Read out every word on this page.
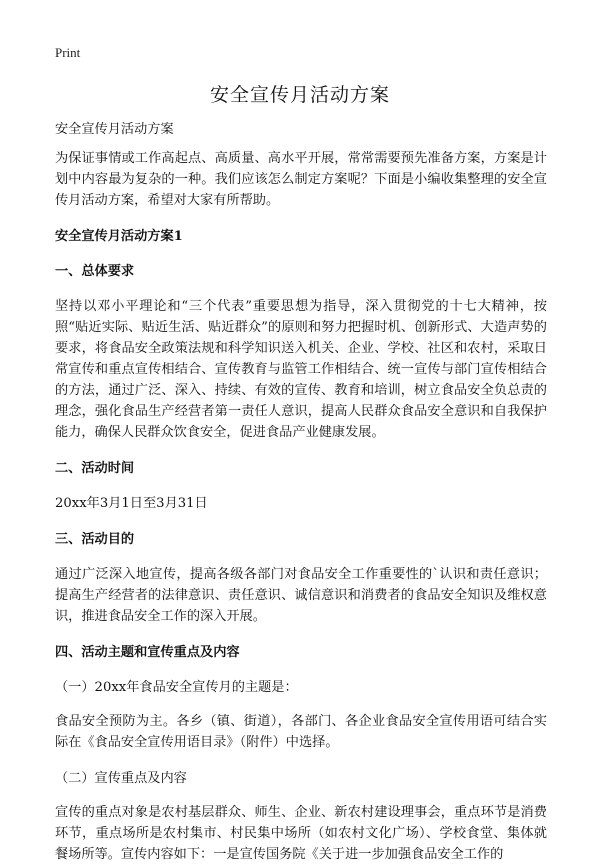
Print
安全宣传月活动方案

安全宣传月活动方案

为保证事情或工作高起点、高质量、高水平开展，常常需要预先准备方案，方案是计划中内容最为复杂的一种。我们应该怎么制定方案呢？下面是小编收集整理的安全宣传月活动方案，希望对大家有所帮助。

安全宣传月活动方案1

一、总体要求

坚持以邓小平理论和“三个代表”重要思想为指导，深入贯彻党的十七大精神，按照“贴近实际、贴近生活、贴近群众”的原则和努力把握时机、创新形式、大造声势的要求，将食品安全政策法规和科学知识送入机关、企业、学校、社区和农村，采取日常宣传和重点宣传相结合、宣传教育与监管工作相结合、统一宣传与部门宣传相结合的方法，通过广泛、深入、持续、有效的宣传、教育和培训，树立食品安全负总责的理念，强化食品生产经营者第一责任人意识，提高人民群众食品安全意识和自我保护能力，确保人民群众饮食安全，促进食品产业健康发展。

二、活动时间

20xx年3月1日至3月31日

三、活动目的

通过广泛深入地宣传，提高各级各部门对食品安全工作重要性的`认识和责任意识；提高生产经营者的法律意识、责任意识、诚信意识和消费者的食品安全知识及维权意识，推进食品安全工作的深入开展。

四、活动主题和宣传重点及内容

（一）20xx年食品安全宣传月的主题是：

食品安全预防为主。各乡（镇、街道），各部门、各企业食品安全宣传用语可结合实际在《食品安全宣传用语目录》（附件）中选择。

（二）宣传重点及内容

宣传的重点对象是农村基层群众、师生、企业、新农村建设理事会，重点环节是消费环节，重点场所是农村集市、村民集中场所（如农村文化广场）、学校食堂、集体就餐场所等。宣传内容如下：一是宣传国务院《关于进一步加强食品安全工作的
